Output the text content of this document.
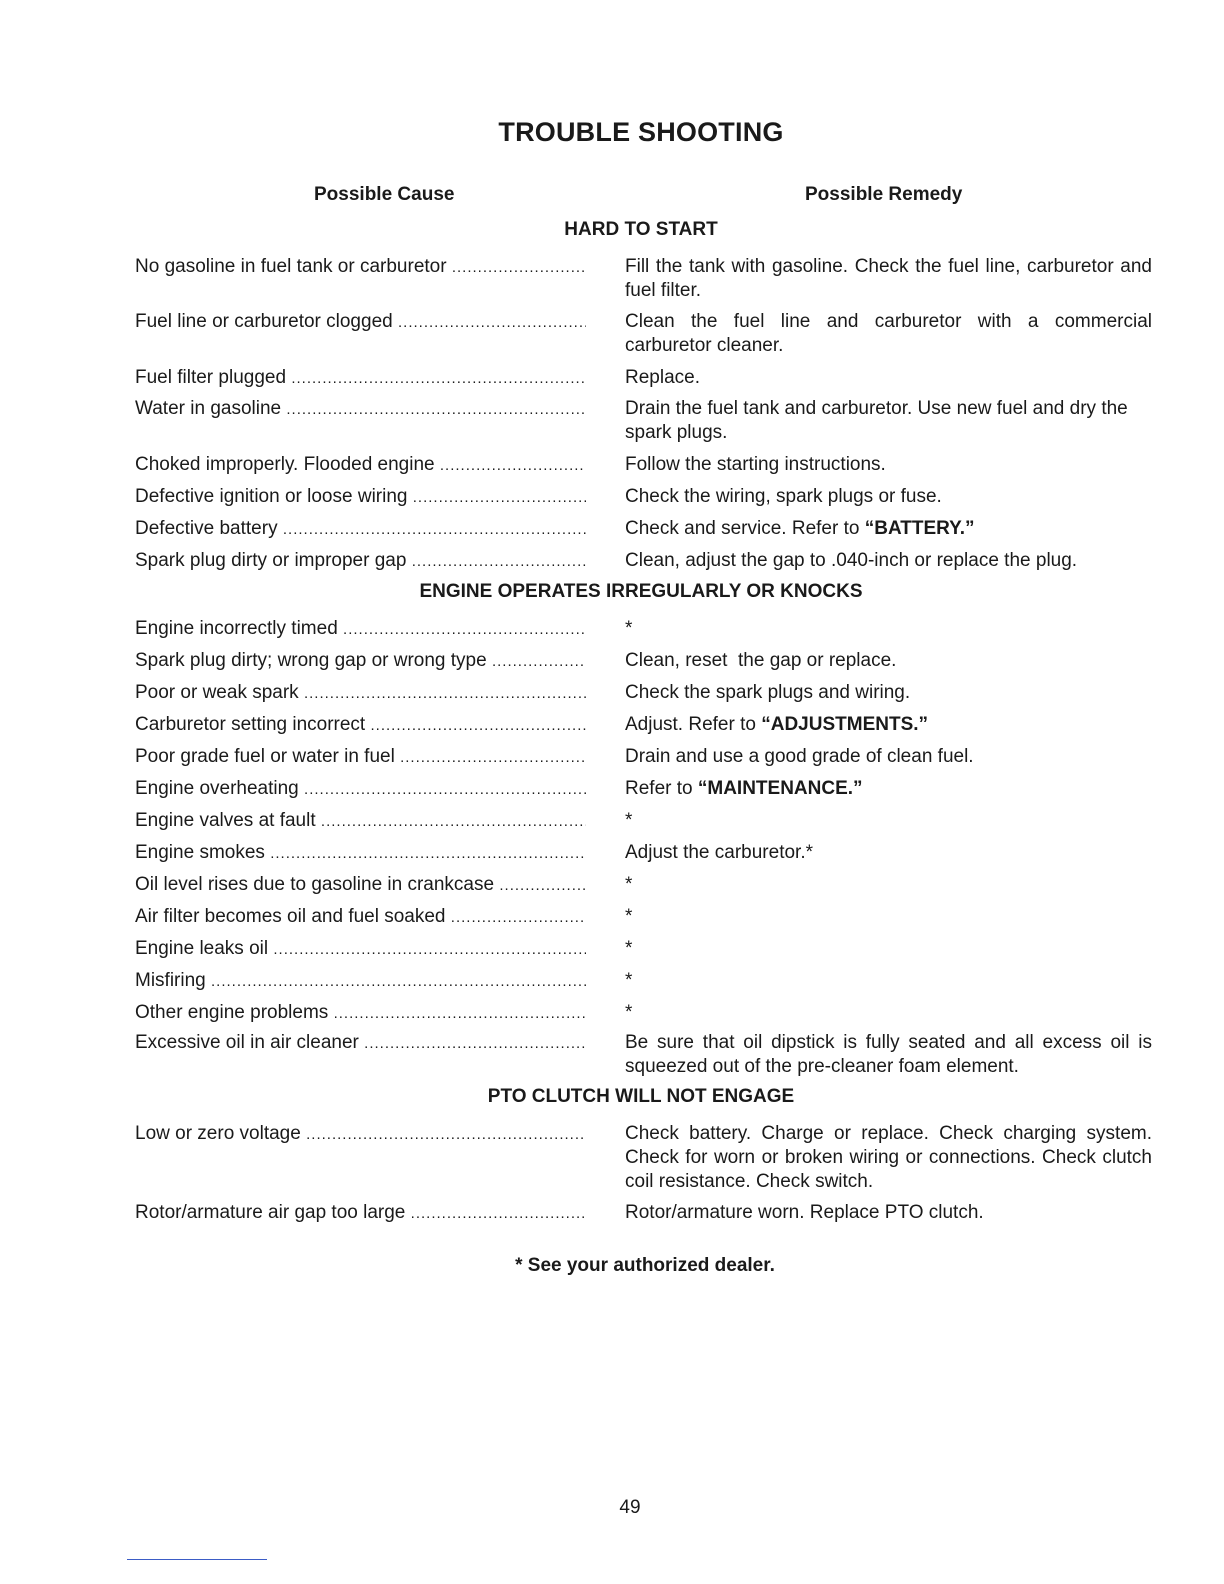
TROUBLE SHOOTING
Possible Cause	Possible Remedy
HARD TO START
No gasoline in fuel tank or carburetor
.....	Fill the tank with gasoline. Check the fuel line, carburetor and fuel filter.
Fuel line or carburetor clogged
.....	Clean the fuel line and carburetor with a commercial carburetor cleaner.
Fuel filter plugged
.....	Replace.
Water in gasoline
.....	Drain the fuel tank and carburetor. Use new fuel and dry the spark plugs.
Choked improperly. Flooded engine
.....	Follow the starting instructions.
Defective ignition or loose wiring
.....	Check the wiring, spark plugs or fuse.
Defective battery
.....	Check and service. Refer to “BATTERY.”
Spark plug dirty or improper gap
.....	Clean, adjust the gap to .040-inch or replace the plug.
ENGINE OPERATES IRREGULARLY OR KNOCKS
Engine incorrectly timed
.....	*
Spark plug dirty; wrong gap or wrong type
.....	Clean, reset  the gap or replace.
Poor or weak spark
.....	Check the spark plugs and wiring.
Carburetor setting incorrect
.....	Adjust. Refer to “ADJUSTMENTS.”
Poor grade fuel or water in fuel
.....	Drain and use a good grade of clean fuel.
Engine overheating
.....	Refer to “MAINTENANCE.”
Engine valves at fault
.....	*
Engine smokes
.....	Adjust the carburetor.*
Oil level rises due to gasoline in crankcase
.....	*
Air filter becomes oil and fuel soaked
.....	*
Engine leaks oil
.....	*
Misfiring
.....	*
Other engine problems
.....	*
Excessive oil in air cleaner
.....	Be sure that oil dipstick is fully seated and all excess oil is squeezed out of the pre-cleaner foam element.
PTO CLUTCH WILL NOT ENGAGE
Low or zero voltage
.....	Check battery. Charge or replace. Check charging system. Check for worn or broken wiring or connections. Check clutch coil resistance. Check switch.
Rotor/armature air gap too large
.....	Rotor/armature worn. Replace PTO clutch.
* See your authorized dealer.
49
